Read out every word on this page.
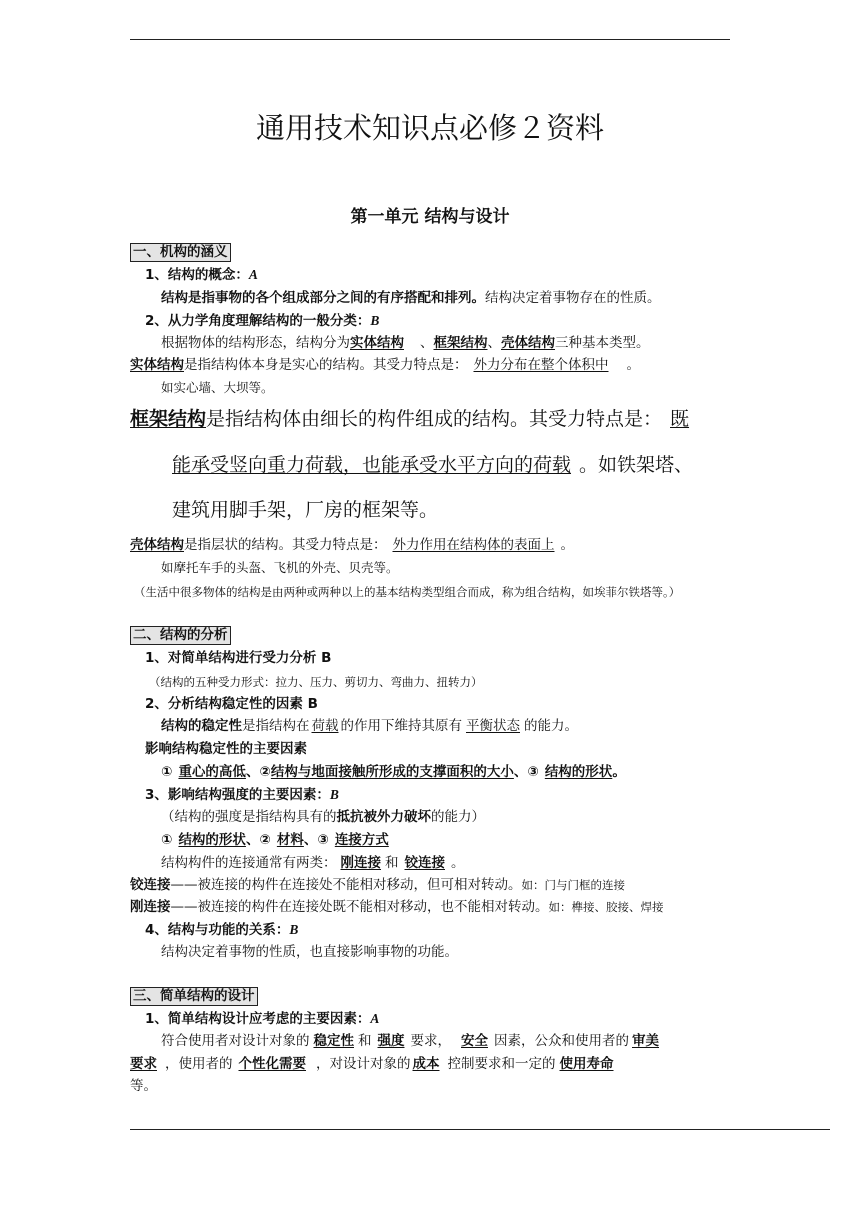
通用技术知识点必修２资料
第一单元 结构与设计
一、机构的涵义
1、结构的概念：A
结构是指事物的各个组成部分之间的有序搭配和排列。结构决定着事物存在的性质。
2、从力学角度理解结构的一般分类：B
根据物体的结构形态，结构分为实体结构 、框架结构、壳体结构三种基本类型。
实体结构是指结构体本身是实心的结构。其受力特点是： 外力分布在整个体积中 。
如实心墙、大坝等。
框架结构是指结构体由细长的构件组成的结构。其受力特点是： 既
能承受竖向重力荷载，也能承受水平方向的荷载 。如铁架塔、
建筑用脚手架，厂房的框架等。
壳体结构是指层状的结构。其受力特点是： 外力作用在结构体的表面上 。
如摩托车手的头盔、飞机的外壳、贝壳等。
（生活中很多物体的结构是由两种或两种以上的基本结构类型组合而成，称为组合结构，如埃菲尔铁塔等。）
二、结构的分析
1、对简单结构进行受力分析 B
（结构的五种受力形式：拉力、压力、剪切力、弯曲力、扭转力）
2、分析结构稳定性的因素 B
结构的稳定性是指结构在 荷载 的作用下维持其原有 平衡状态 的能力。
影响结构稳定性的主要因素
① 重心的高低、②结构与地面接触所形成的支撑面积的大小、③ 结构的形状。
3、影响结构强度的主要因素：B
（结构的强度是指结构具有的抵抗被外力破坏的能力）
① 结构的形状、② 材料、③ 连接方式
结构构件的连接通常有两类： 刚连接 和 铰连接 。
铰连接——被连接的构件在连接处不能相对移动，但可相对转动。如：门与门框的连接
刚连接——被连接的构件在连接处既不能相对移动，也不能相对转动。如：榫接、胶接、焊接
4、结构与功能的关系：B
结构决定着事物的性质，也直接影响事物的功能。
三、简单结构的设计
1、简单结构设计应考虑的主要因素：A
符合使用者对设计对象的 稳定性 和 强度 要求， 安全 因素，公众和使用者的 审美
要求 ，使用者的 个性化需要 ，对设计对象的 成本 控制要求和一定的 使用寿命
等。
